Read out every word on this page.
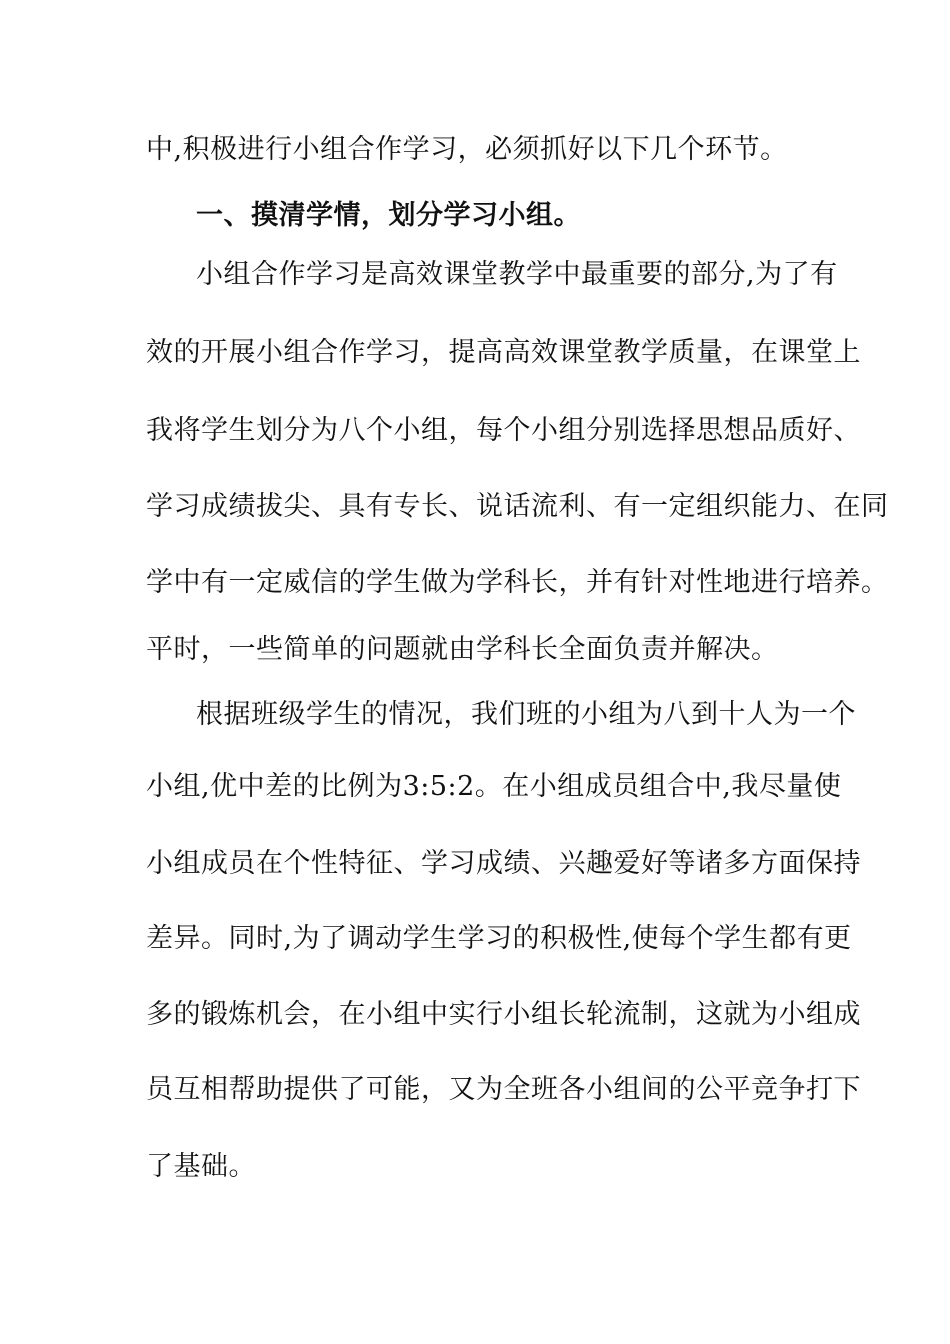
中,积极进行小组合作学习，必须抓好以下几个环节。
一、摸清学情，划分学习小组。
小组合作学习是高效课堂教学中最重要的部分,为了有
效的开展小组合作学习，提高高效课堂教学质量，在课堂上
我将学生划分为八个小组，每个小组分别选择思想品质好、
学习成绩拔尖、具有专长、说话流利、有一定组织能力、在同
学中有一定威信的学生做为学科长，并有针对性地进行培养。
平时，一些简单的问题就由学科长全面负责并解决。
根据班级学生的情况，我们班的小组为八到十人为一个
小组,优中差的比例为3:5:2。在小组成员组合中,我尽量使
小组成员在个性特征、学习成绩、兴趣爱好等诸多方面保持
差异。同时,为了调动学生学习的积极性,使每个学生都有更
多的锻炼机会，在小组中实行小组长轮流制，这就为小组成
员互相帮助提供了可能，又为全班各小组间的公平竞争打下
了基础。
